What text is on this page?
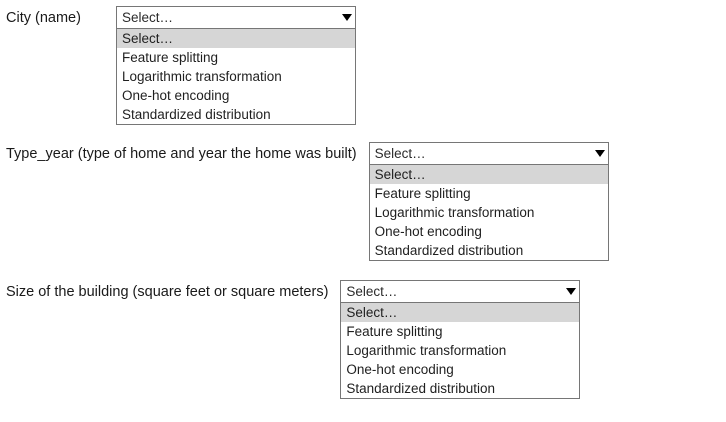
City (name)	Select…
Select…
Feature splitting
Logarithmic transformation
One-hot encoding
Standardized distribution
Type_year (type of home and year the home was built) Select…
Select…
Feature splitting
Logarithmic transformation
One-hot encoding
Standardized distribution
Size of the building (square feet or square meters) Select…
Select…
Feature splitting
Logarithmic transformation
One-hot encoding
Standardized distribution
